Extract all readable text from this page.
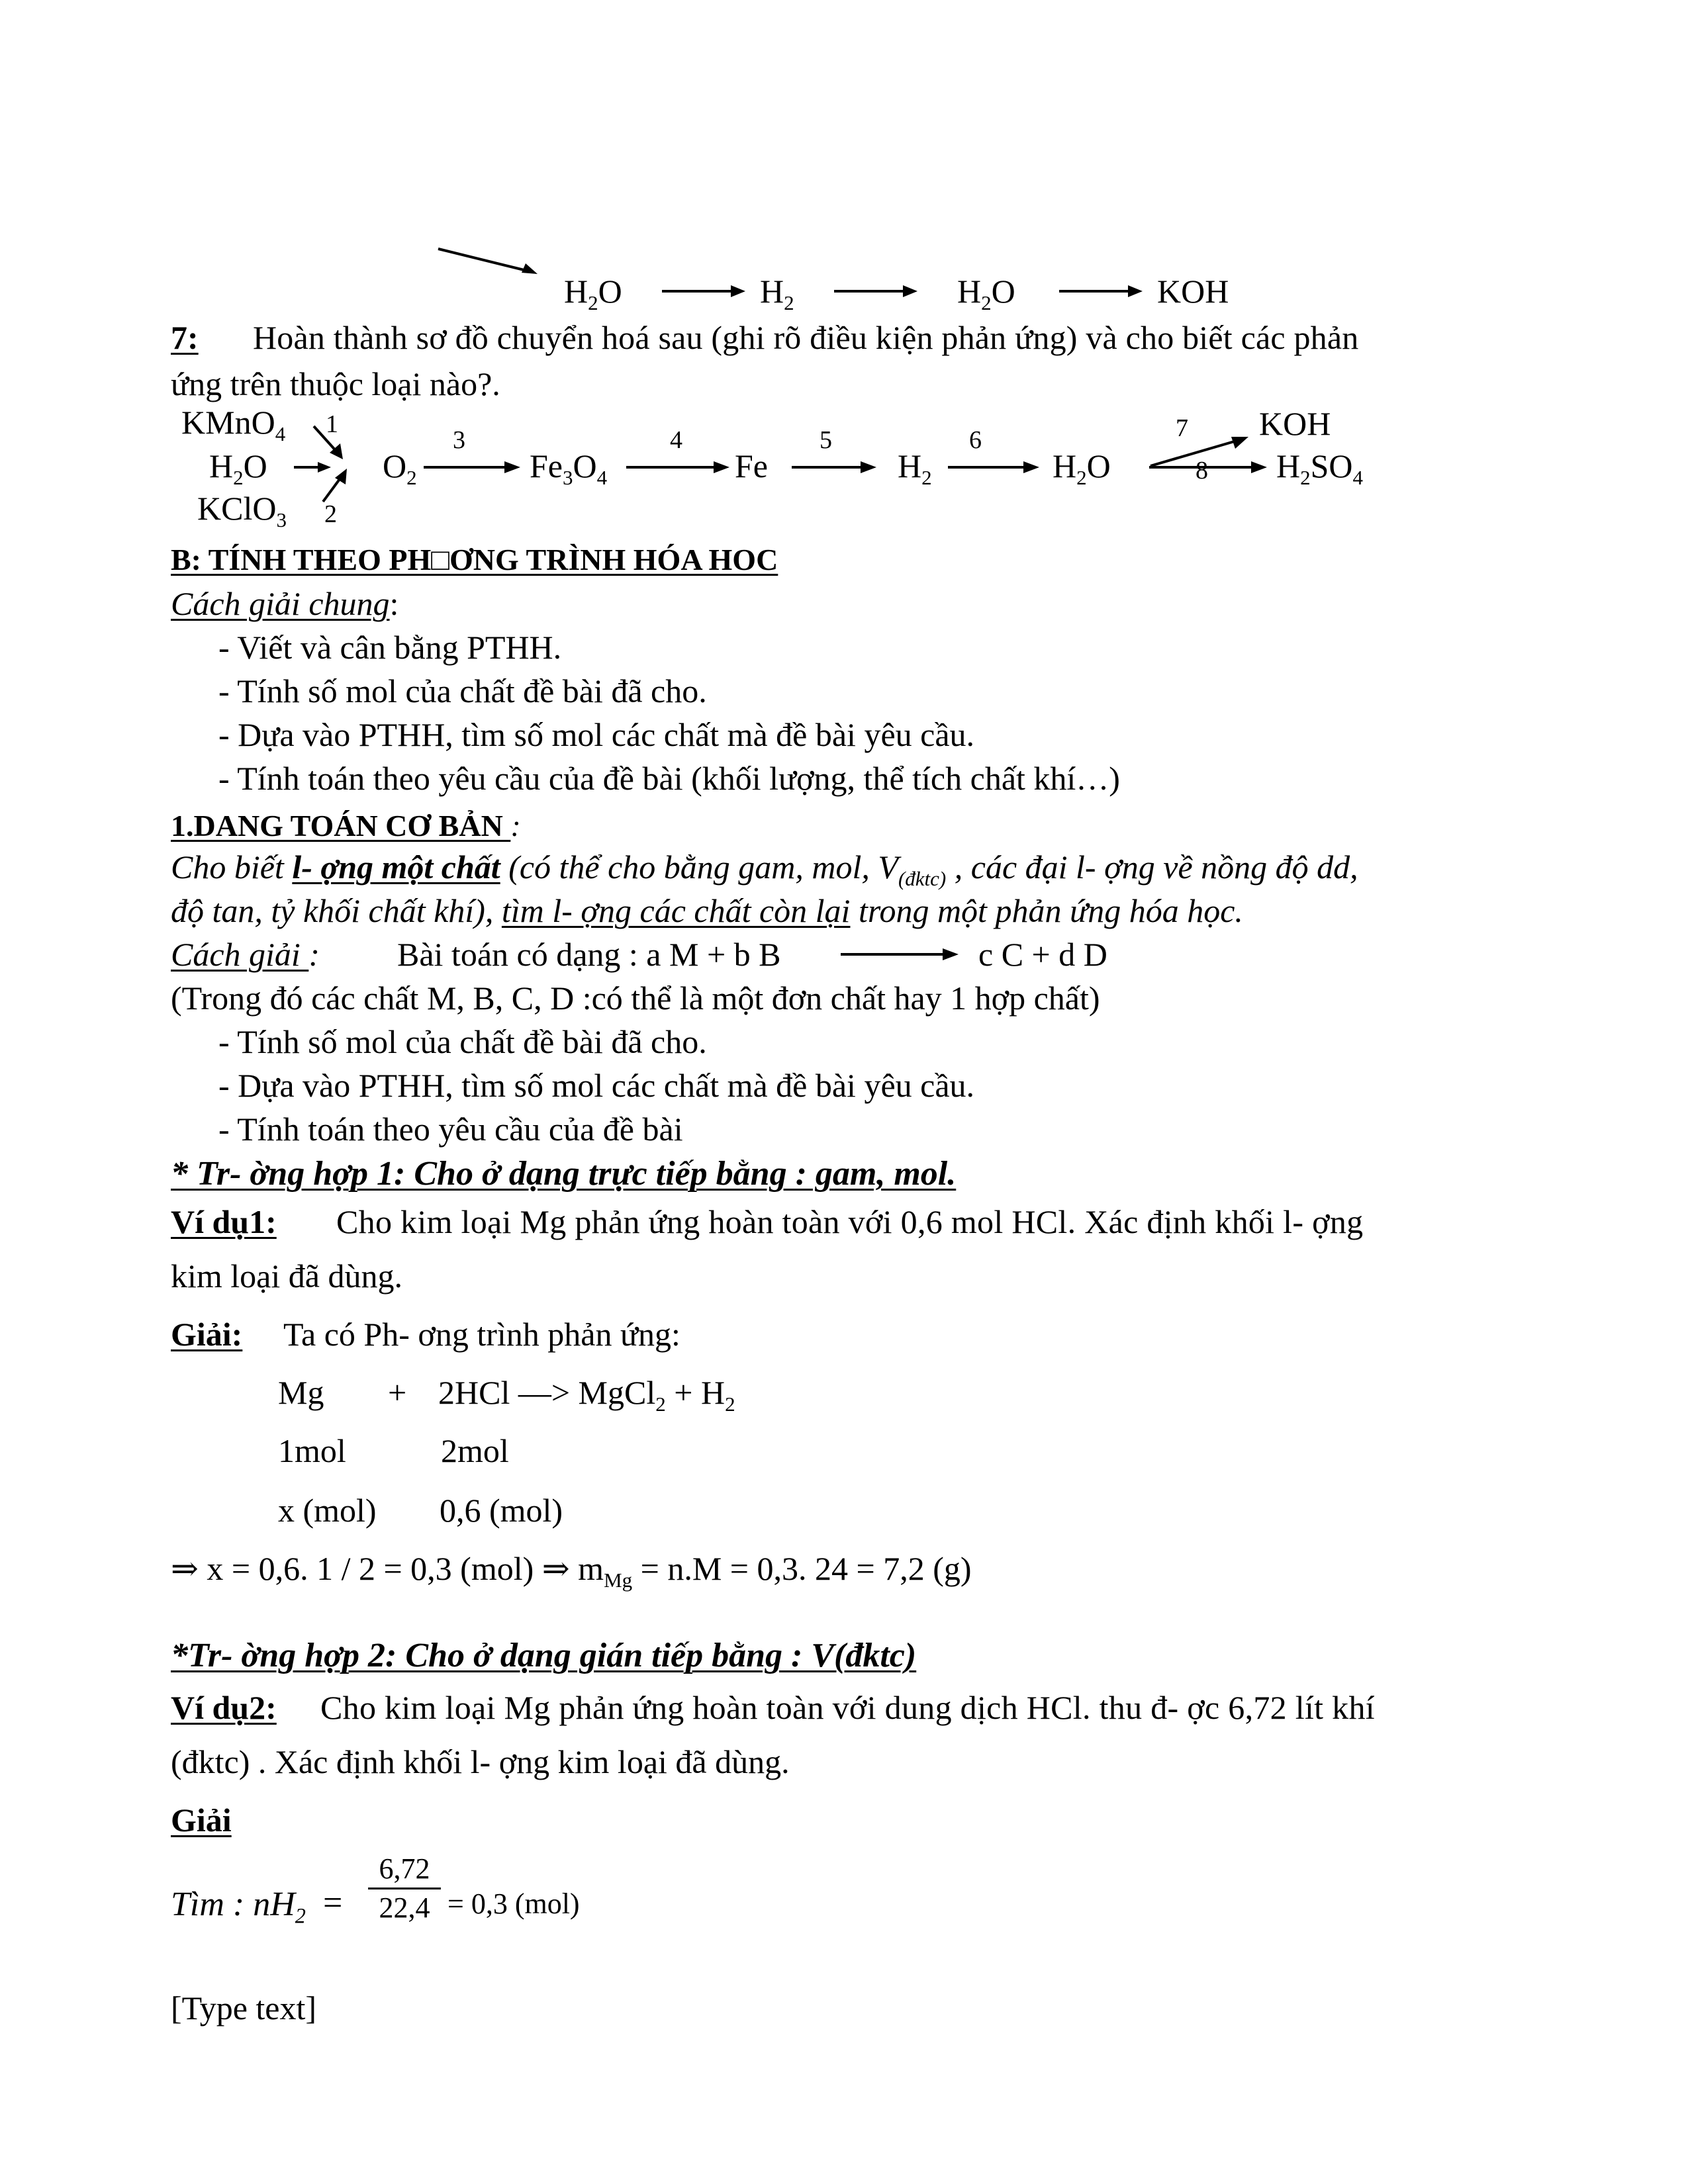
$H_2O$	$H_2$	$H_2O$	KOH
7: Hoàn thành sơ đồ chuyển hoá sau (ghi rõ điều kiện phản ứng) và cho biết các phản
ứng trên thuộc loại nào?.
KMnO$_4$ 1
$H_2O$
KClO$_3$ 2
$O_2$
3
$Fe_3O_4$
4
Fe
5
$H_2$
6
$H_2O$
7 KOH
8 $H_2SO_4$
B: TÍNH THEO PH□ƠNG TRÌNH HÓA HOC
Cách giải chung:
- Viết và cân bằng PTHH.
- Tính số mol của chất đề bài đã cho.
- Dựa vào PTHH, tìm số mol các chất mà đề bài yêu cầu.
- Tính toán theo yêu cầu của đề bài (khối lượng, thể tích chất khí…)
1.DANG TOÁN CƠ BẢN :
Cho biết l- ợng một chất (có thể cho bằng gam, mol, $V_{(đktc)}$ , các đại l- ợng về nồng độ dd,
độ tan, tỷ khối chất khí), tìm l- ợng các chất còn lại trong một phản ứng hóa học.
Cách giải : Bài toán có dạng : a M + b B	c C + d D
(Trong đó các chất M, B, C, D :có thể là một đơn chất hay 1 hợp chất)
- Tính số mol của chất đề bài đã cho.
- Dựa vào PTHH, tìm số mol các chất mà đề bài yêu cầu.
- Tính toán theo yêu cầu của đề bài
* Tr- ờng hợp 1: Cho ở dạng trực tiếp bằng : gam, mol.
Ví dụ1: Cho kim loại Mg phản ứng hoàn toàn với 0,6 mol HCl. Xác định khối l- ợng
kim loại đã dùng.
Giải: Ta có Ph- ơng trình phản ứng:
Mg + 2HCl —> MgCl$_2$ + $H_2$
1mol	2mol
x (mol) 0,6 (mol)
⇒ x = 0,6. 1 / 2 = 0,3 (mol) ⇒ $m_{Mg} = n.M = 0,3$. 24 = 7,2 (g)
*Tr- ờng hợp 2: Cho ở dạng gián tiếp bằng : V(đktc)
Ví dụ2: Cho kim loại Mg phản ứng hoàn toàn với dung dịch HCl. thu đ- ợc 6,72 lít khí
(đktc) . Xác định khối l- ợng kim loại đã dùng.
Giải
Tìm : $nH_2$ =
6,72
22,4 = 0,3 (mol)
[Type text]
